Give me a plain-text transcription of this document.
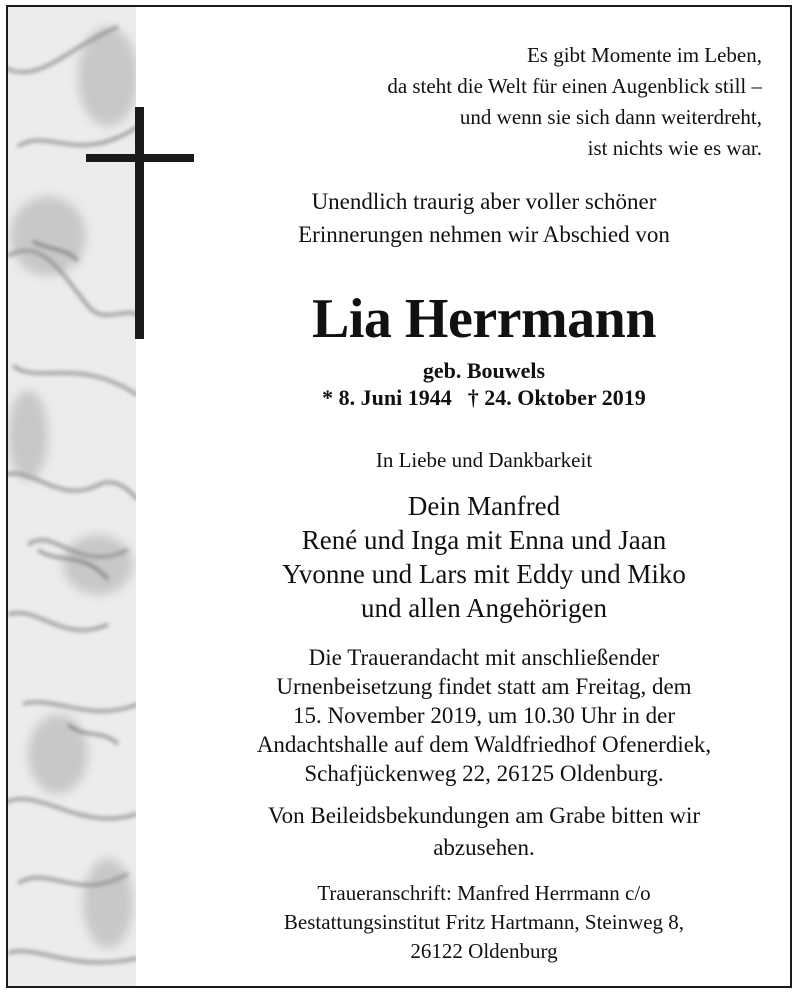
Es gibt Momente im Leben,
da steht die Welt für einen Augenblick still –
und wenn sie sich dann weiterdreht,
ist nichts wie es war.
Unendlich traurig aber voller schöner
Erinnerungen nehmen wir Abschied von
Lia Herrmann
geb. Bouwels
* 8. Juni 1944 † 24. Oktober 2019
In Liebe und Dankbarkeit
Dein Manfred
René und Inga mit Enna und Jaan
Yvonne und Lars mit Eddy und Miko
und allen Angehörigen
Die Trauerandacht mit anschließender
Urnenbeisetzung findet statt am Freitag, dem
15. November 2019, um 10.30 Uhr in der
Andachtshalle auf dem Waldfriedhof Ofenerdiek,
Schafjückenweg 22, 26125 Oldenburg.
Von Beileidsbekundungen am Grabe bitten wir
abzusehen.
Traueranschrift: Manfred Herrmann c/o
Bestattungsinstitut Fritz Hartmann, Steinweg 8,
26122 Oldenburg
